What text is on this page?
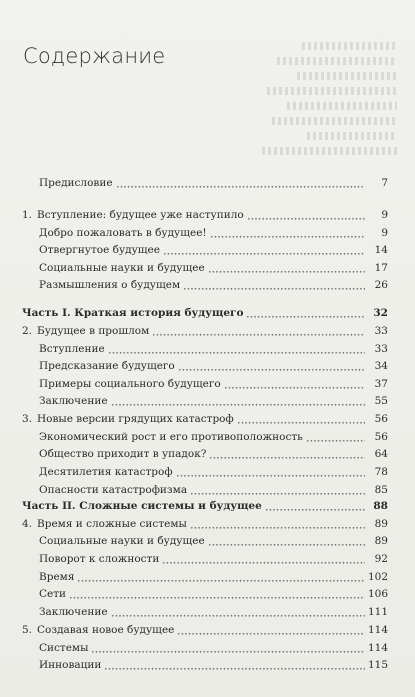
Содержание
Предисловие	7
1. Вступление: будущее уже наступило	9
Добро пожаловать в будущее!	9
Отвергнутое будущее	14
Социальные науки и будущее	17
Размышления о будущем	26
Часть I. Краткая история будущего	32
2. Будущее в прошлом	33
Вступление	33
Предсказание будущего	34
Примеры социального будущего	37
Заключение	55
3. Новые версии грядущих катастроф	56
Экономический рост и его противоположность	56
Общество приходит в упадок?	64
Десятилетия катастроф	78
Опасности катастрофизма	85
Часть II. Сложные системы и будущее	88
4. Время и сложные системы	89
Социальные науки и будущее	89
Поворот к сложности	92
Время	102
Сети	106
Заключение	111
5. Создавая новое будущее	114
Системы	114
Инновации	115
